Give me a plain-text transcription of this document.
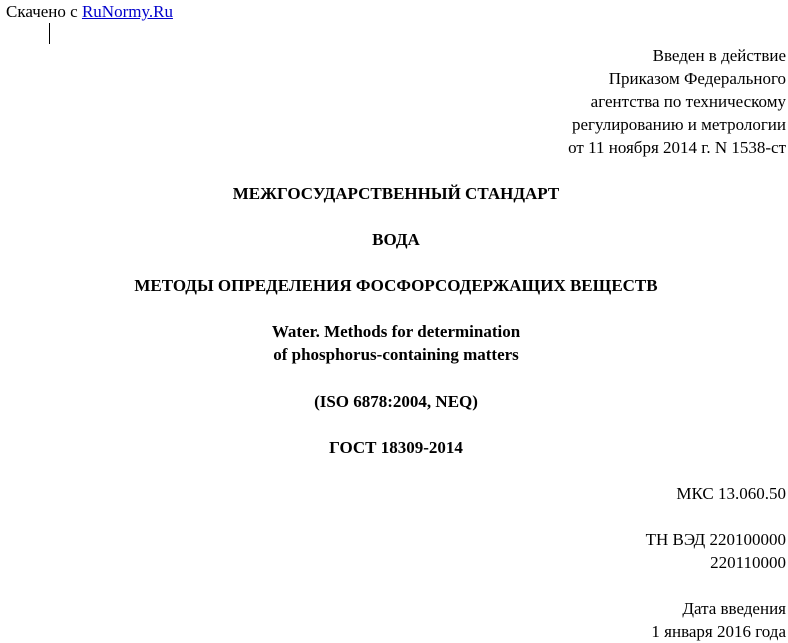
Скачено с RuNormy.Ru
Введен в действие
Приказом Федерального
агентства по техническому
регулированию и метрологии
от 11 ноября 2014 г. N 1538-ст
МЕЖГОСУДАРСТВЕННЫЙ СТАНДАРТ
ВОДА
МЕТОДЫ ОПРЕДЕЛЕНИЯ ФОСФОРСОДЕРЖАЩИХ ВЕЩЕСТВ
Water. Methods for determination
of phosphorus-containing matters
(ISO 6878:2004, NEQ)
ГОСТ 18309-2014
МКС 13.060.50
ТН ВЭД 220100000
220110000
Дата введения
1 января 2016 года
